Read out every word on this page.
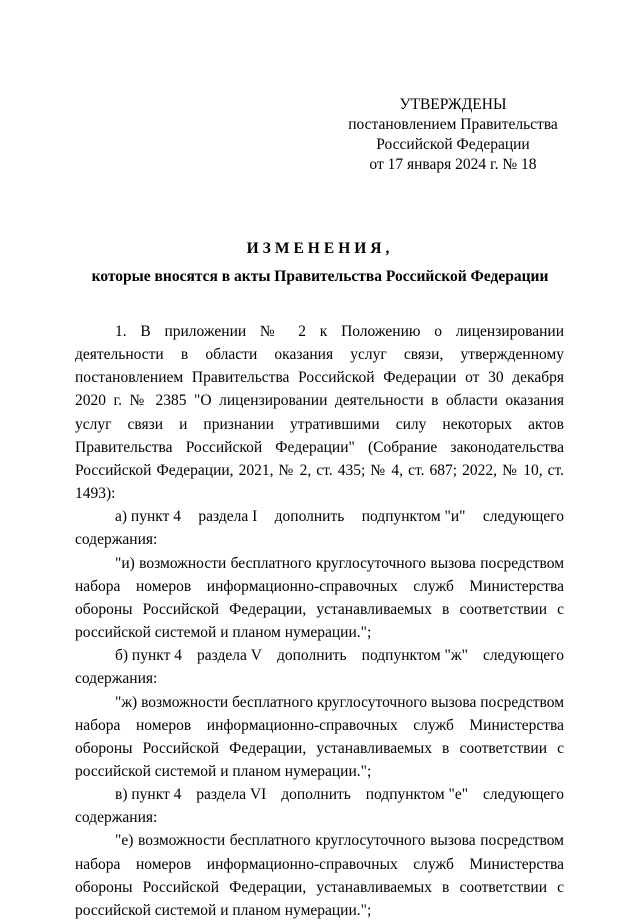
УТВЕРЖДЕНЫ
постановлением Правительства
Российской Федерации
от 17 января 2024 г. № 18
ИЗМЕНЕНИЯ,
которые вносятся в акты Правительства Российской Федерации

1. В приложении № 2 к Положению о лицензировании деятельности в области оказания услуг связи, утвержденному постановлением Правительства Российской Федерации от 30 декабря 2020 г. № 2385 "О лицензировании деятельности в области оказания услуг связи и признании утратившими силу некоторых актов Правительства Российской Федерации" (Собрание законодательства Российской Федерации, 2021, № 2, ст. 435; № 4, ст. 687; 2022, № 10, ст. 1493):

а) пункт 4 раздела I дополнить подпунктом "и" следующего
содержания:

"и) возможности бесплатного круглосуточного вызова посредством набора номеров информационно-справочных служб Министерства обороны Российской Федерации, устанавливаемых в соответствии с российской системой и планом нумерации.";

б) пункт 4 раздела V дополнить подпунктом "ж" следующего
содержания:

"ж) возможности бесплатного круглосуточного вызова посредством набора номеров информационно-справочных служб Министерства обороны Российской Федерации, устанавливаемых в соответствии с российской системой и планом нумерации.";

в) пункт 4 раздела VI дополнить подпунктом "е" следующего
содержания:

"е) возможности бесплатного круглосуточного вызова посредством набора номеров информационно-справочных служб Министерства обороны Российской Федерации, устанавливаемых в соответствии с российской системой и планом нумерации.";
